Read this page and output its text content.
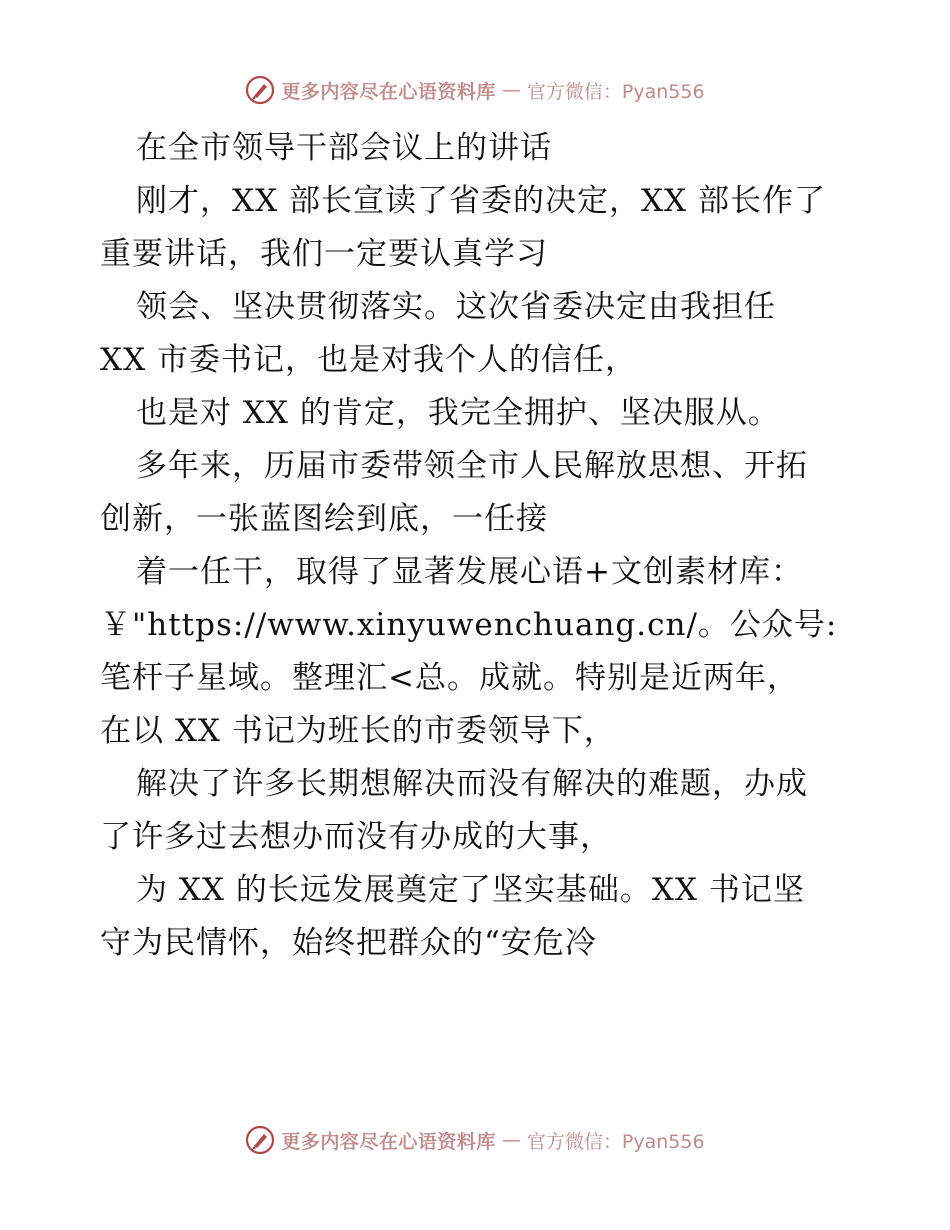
更多内容尽在心语资料库 — 官方微信：Pyan556
在全市领导干部会议上的讲话
刚才，XX 部长宣读了省委的决定，XX 部长作了
重要讲话，我们一定要认真学习
领会、坚决贯彻落实。这次省委决定由我担任
XX 市委书记，也是对我个人的信任，
也是对 XX 的肯定，我完全拥护、坚决服从。
多年来，历届市委带领全市人民解放思想、开拓
创新，一张蓝图绘到底，一任接
着一任干，取得了显著发展心语+文创素材库：
￥"https://www.xinyuwenchuang.cn/。公众号:
笔杆子星域。整理汇<总。成就。特别是近两年，
在以 XX 书记为班长的市委领导下，
解决了许多长期想解决而没有解决的难题，办成
了许多过去想办而没有办成的大事，
为 XX 的长远发展奠定了坚实基础。XX 书记坚
守为民情怀，始终把群众的“安危冷
更多内容尽在心语资料库 — 官方微信：Pyan556
